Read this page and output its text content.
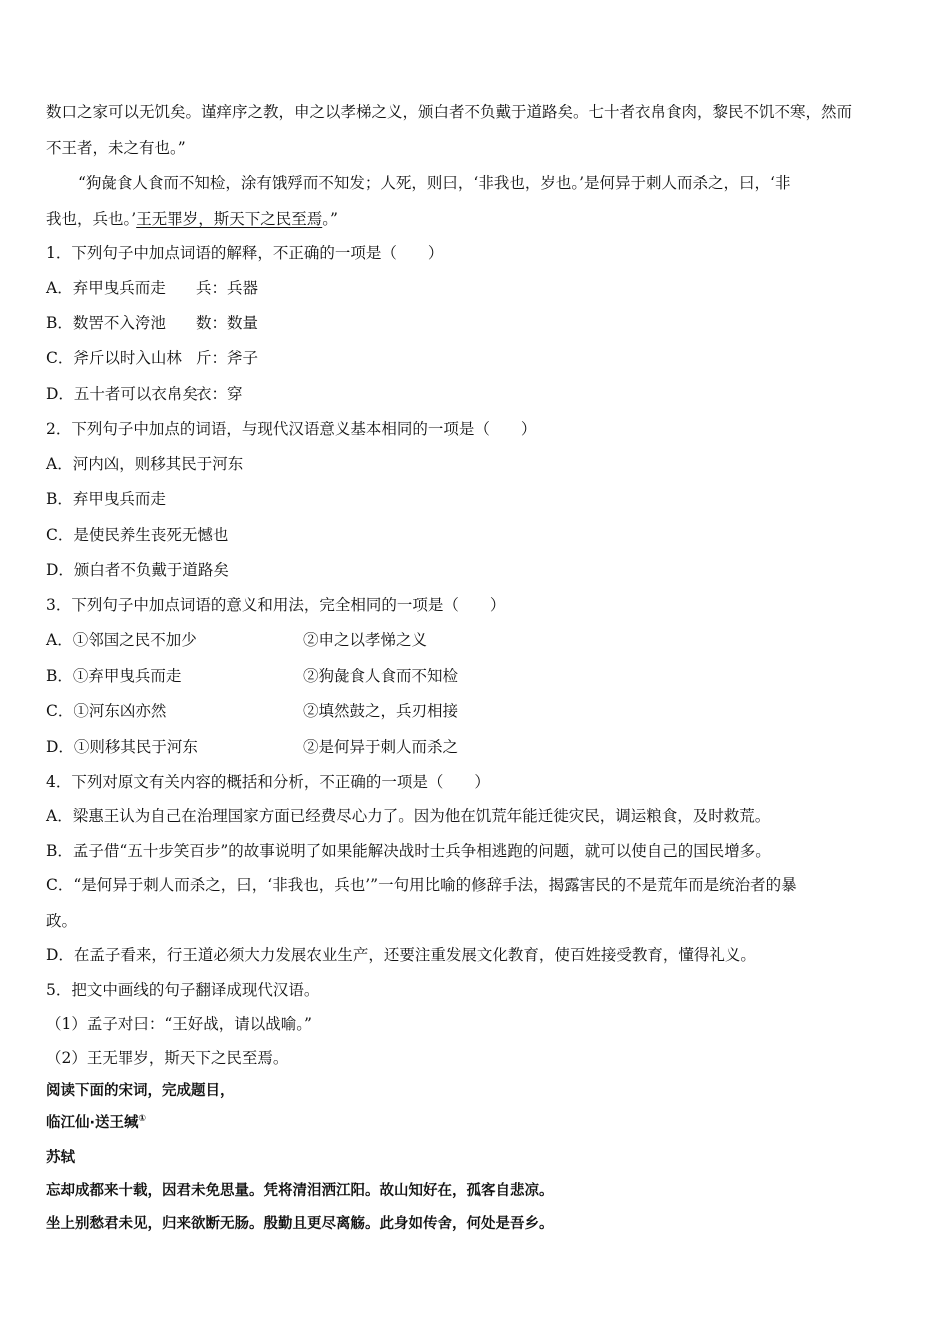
数口之家可以无饥矣。谨痒序之教，申之以孝梯之义，颁白者不负戴于道路矣。七十者衣帛食肉，黎民不饥不寒，然而
不王者，未之有也。”
“狗彘食人食而不知检，涂有饿殍而不知发；人死，则曰，‘非我也，岁也。’是何异于刺人而杀之，曰，‘非
我也，兵也。’王无罪岁，斯天下之民至焉。”
1．下列句子中加点词语的解释，不正确的一项是（　　）
A．弃甲曳兵而走 兵：兵器
B．数罟不入洿池 数：数量
C．斧斤以时入山林 斤：斧子
D．五十者可以衣帛矣衣：穿
2．下列句子中加点的词语，与现代汉语意义基本相同的一项是（　　）
A．河内凶，则移其民于河东
B．弃甲曳兵而走
C．是使民养生丧死无憾也
D．颁白者不负戴于道路矣
3．下列句子中加点词语的意义和用法，完全相同的一项是（　　）
A．①邻国之民不加少	②申之以孝悌之义
B．①弃甲曳兵而走	②狗彘食人食而不知检
C．①河东凶亦然	②填然鼓之，兵刃相接
D．①则移其民于河东	②是何异于刺人而杀之
4．下列对原文有关内容的概括和分析，不正确的一项是（　　）
A．梁惠王认为自己在治理国家方面已经费尽心力了。因为他在饥荒年能迁徙灾民，调运粮食，及时救荒。
B．孟子借“五十步笑百步”的故事说明了如果能解决战时士兵争相逃跑的问题，就可以使自己的国民增多。
C．“是何异于刺人而杀之，曰，‘非我也，兵也’”一句用比喻的修辞手法，揭露害民的不是荒年而是统治者的暴
政。
D．在孟子看来，行王道必须大力发展农业生产，还要注重发展文化教育，使百姓接受教育，懂得礼义。
5．把文中画线的句子翻译成现代汉语。
（1）孟子对曰：“王好战，请以战喻。”
（2）王无罪岁，斯天下之民至焉。
阅读下面的宋词，完成题目，
临江仙·送王缄①
苏轼
忘却成都来十载，因君未免思量。凭将清泪洒江阳。故山知好在，孤客自悲凉。
坐上别愁君未见，归来欲断无肠。殷勤且更尽离觞。此身如传舍，何处是吾乡。
